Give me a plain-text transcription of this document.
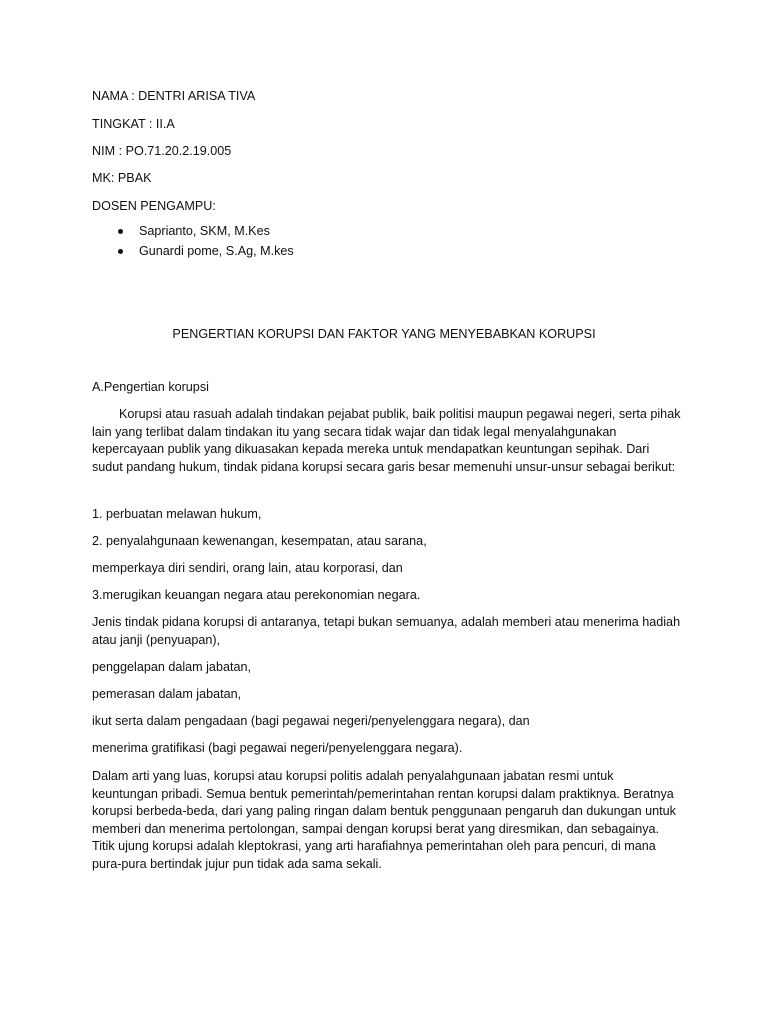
NAMA : DENTRI ARISA TIVA

TINGKAT : II.A

NIM : PO.71.20.2.19.005

MK: PBAK

DOSEN PENGAMPU:

Saprianto, SKM, M.Kes
Gunardi pome, S.Ag, M.kes

PENGERTIAN KORUPSI DAN FAKTOR YANG MENYEBABKAN KORUPSI

A.Pengertian korupsi

Korupsi atau rasuah adalah tindakan pejabat publik, baik politisi maupun pegawai negeri, serta pihak lain yang terlibat dalam tindakan itu yang secara tidak wajar dan tidak legal menyalahgunakan kepercayaan publik yang dikuasakan kepada mereka untuk mendapatkan keuntungan sepihak. Dari sudut pandang hukum, tindak pidana korupsi secara garis besar memenuhi unsur-unsur sebagai berikut:

1. perbuatan melawan hukum,

2. penyalahgunaan kewenangan, kesempatan, atau sarana,

memperkaya diri sendiri, orang lain, atau korporasi, dan

3.merugikan keuangan negara atau perekonomian negara.

Jenis tindak pidana korupsi di antaranya, tetapi bukan semuanya, adalah memberi atau menerima hadiah atau janji (penyuapan),

penggelapan dalam jabatan,

pemerasan dalam jabatan,

ikut serta dalam pengadaan (bagi pegawai negeri/penyelenggara negara), dan

menerima gratifikasi (bagi pegawai negeri/penyelenggara negara).

Dalam arti yang luas, korupsi atau korupsi politis adalah penyalahgunaan jabatan resmi untuk keuntungan pribadi. Semua bentuk pemerintah/pemerintahan rentan korupsi dalam praktiknya. Beratnya korupsi berbeda-beda, dari yang paling ringan dalam bentuk penggunaan pengaruh dan dukungan untuk memberi dan menerima pertolongan, sampai dengan korupsi berat yang diresmikan, dan sebagainya. Titik ujung korupsi adalah kleptokrasi, yang arti harafiahnya pemerintahan oleh para pencuri, di mana pura-pura bertindak jujur pun tidak ada sama sekali.
